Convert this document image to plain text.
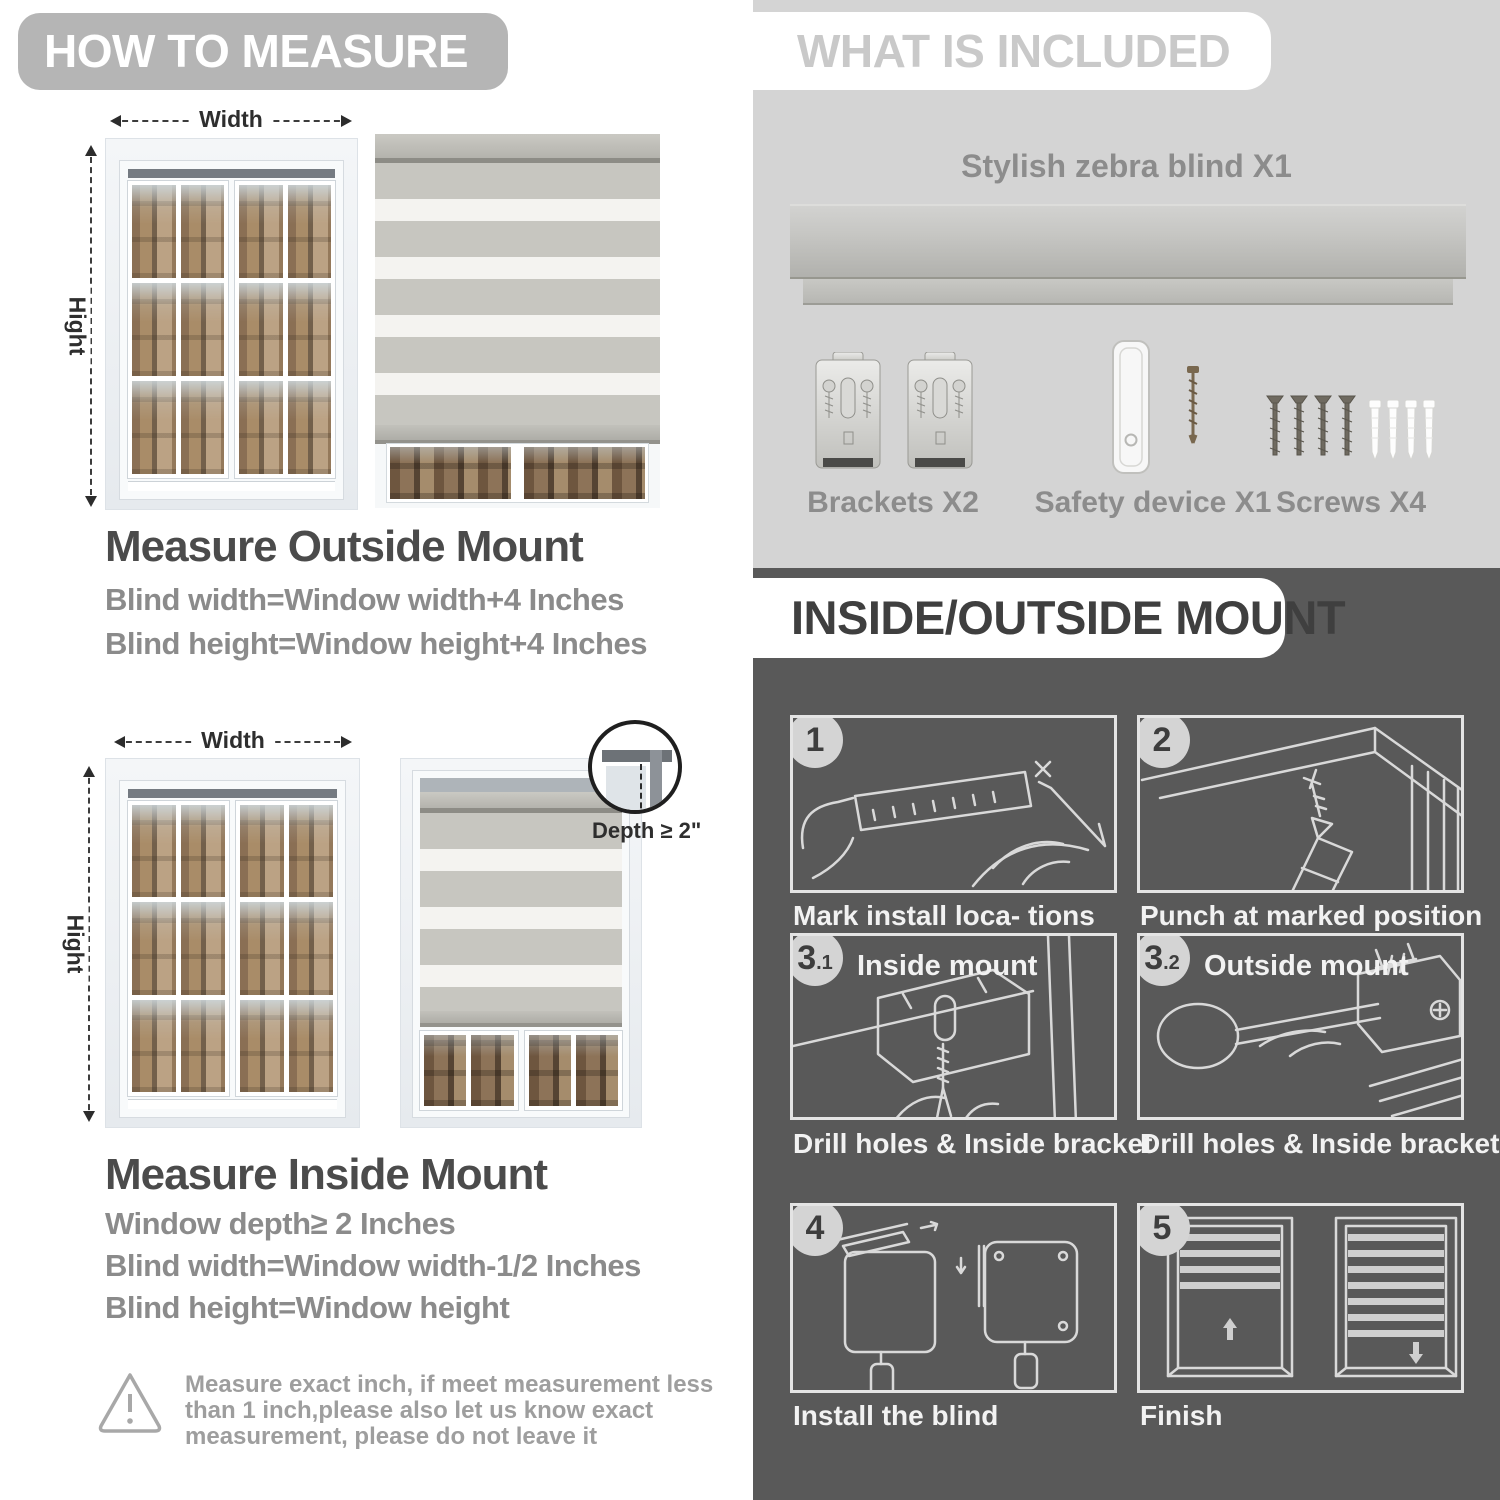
HOW TO MEASURE
Width
Hight
Measure Outside Mount
Blind width=Window width+4 Inches
Blind height=Window height+4 Inches
Width
Hight
Depth ≥ 2"
Measure Inside Mount
Window depth≥ 2 Inches
Blind width=Window width-1/2 Inches
Blind height=Window height
Measure exact inch, if meet measurement less
than 1 inch,please also let us know exact
measurement, please do not leave it
WHAT IS INCLUDED
Stylish zebra blind X1
Brackets X2	Safety device X1 Screws X4
INSIDE/OUTSIDE MOUNT
1
Mark install loca- tions
2
Punch at marked position
3 .1 Inside mount
Drill holes & Inside bracket
3 .2 Outside mount
Drill holes & Inside bracket
4
Install the blind
5
Finish
